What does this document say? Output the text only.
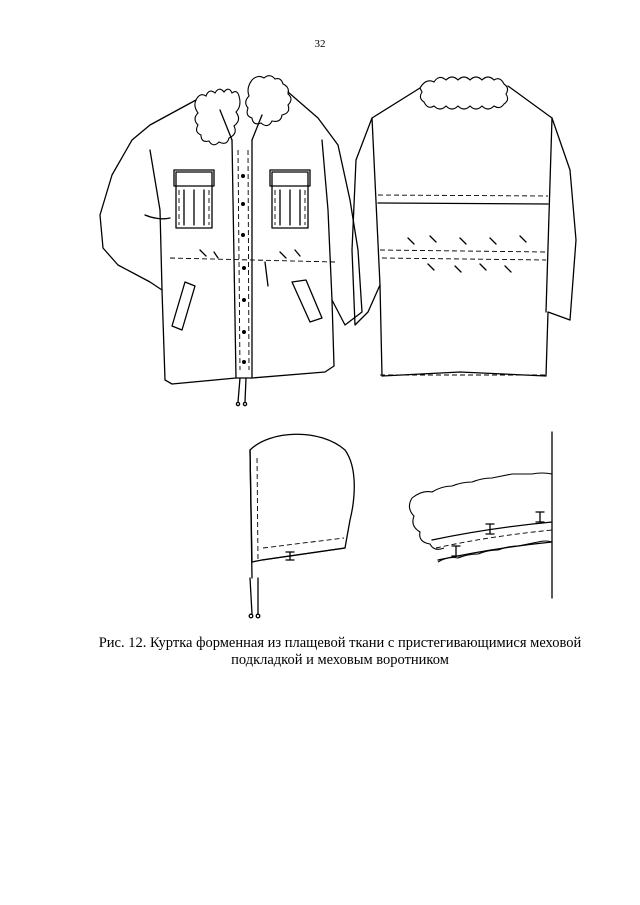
32
Рис. 12. Куртка форменная из плащевой ткани с пристегивающимися меховой
подкладкой и меховым воротником
